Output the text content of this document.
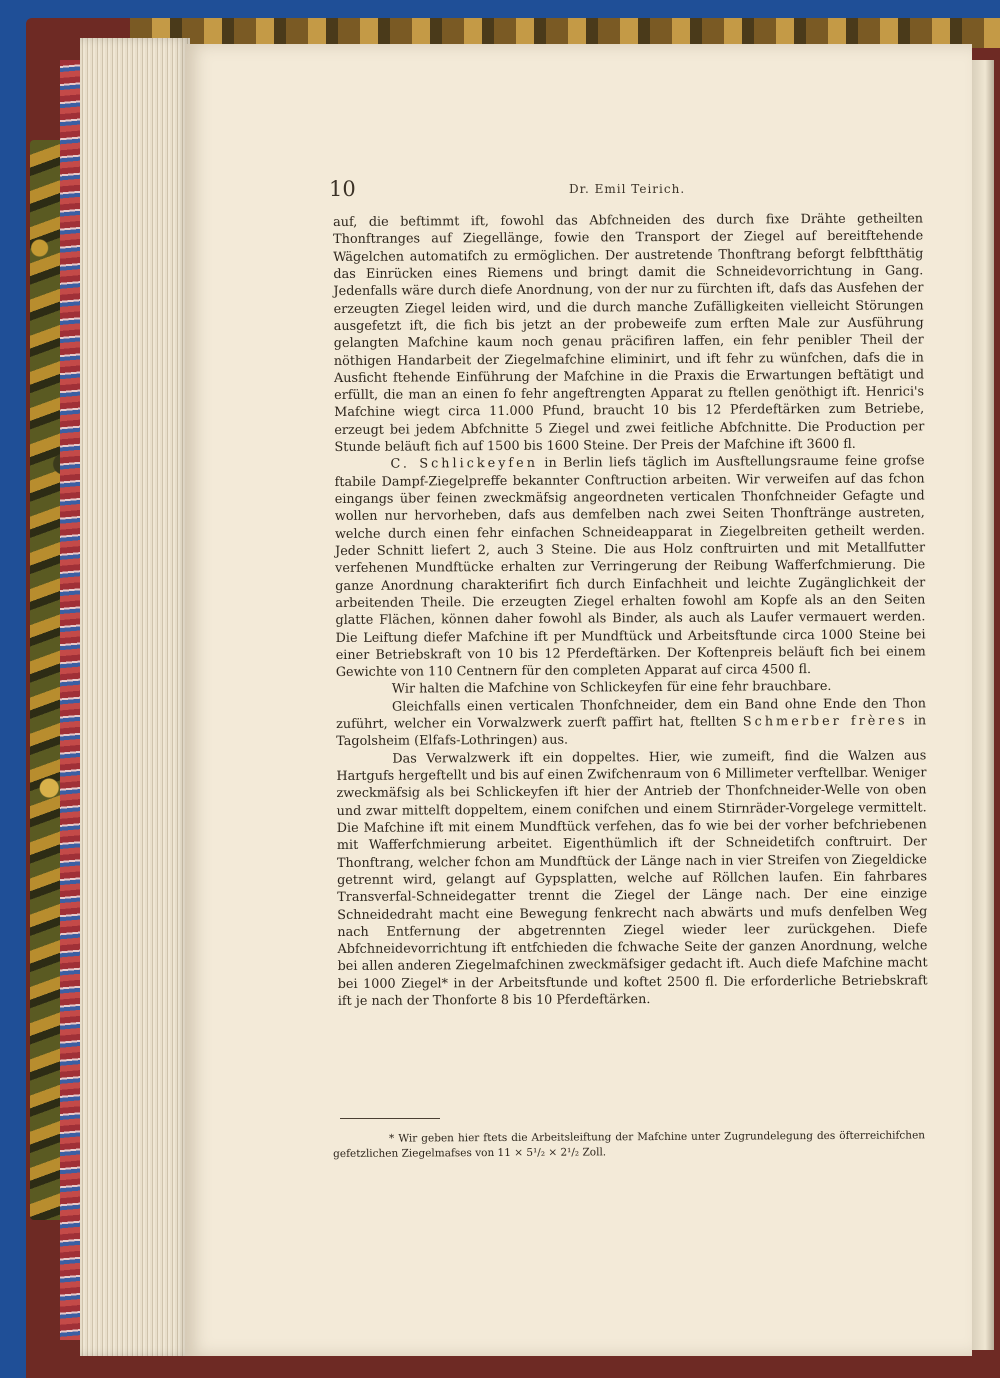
10	Dr. Emil Teirich.

auf, die beftimmt ift, fowohl das Abfchneiden des durch fixe Drähte getheilten Thonftranges auf Ziegellänge, fowie den Transport der Ziegel auf bereitftehende Wägelchen automatifch zu ermöglichen. Der austretende Thonftrang beforgt felbftthätig das Einrücken eines Riemens und bringt damit die Schneidevorrichtung in Gang. Jedenfalls wäre durch diefe Anordnung, von der nur zu fürchten ift, dafs das Ausfehen der erzeugten Ziegel leiden wird, und die durch manche Zufälligkeiten vielleicht Störungen ausgefetzt ift, die fich bis jetzt an der probeweife zum erften Male zur Ausführung gelangten Mafchine kaum noch genau präcifiren laffen, ein fehr penibler Theil der nöthigen Handarbeit der Ziegelmafchine eliminirt, und ift fehr zu wünfchen, dafs die in Ausficht ftehende Einführung der Mafchine in die Praxis die Erwartungen beftätigt und erfüllt, die man an einen fo fehr angeftrengten Apparat zu ftellen genöthigt ift. Henrici's Mafchine wiegt circa 11.000 Pfund, braucht 10 bis 12 Pferdeftärken zum Betriebe, erzeugt bei jedem Abfchnitte 5 Ziegel und zwei feitliche Abfchnitte. Die Production per Stunde beläuft fich auf 1500 bis 1600 Steine. Der Preis der Mafchine ift 3600 fl.

C. Schlickeyfen in Berlin liefs täglich im Ausftellungsraume feine grofse ftabile Dampf-Ziegelpreffe bekannter Conftruction arbeiten. Wir verweifen auf das fchon eingangs über feinen zweckmäfsig angeordneten verticalen Thonfchneider Gefagte und wollen nur hervorheben, dafs aus demfelben nach zwei Seiten Thonftränge austreten, welche durch einen fehr einfachen Schneideapparat in Ziegelbreiten getheilt werden. Jeder Schnitt liefert 2, auch 3 Steine. Die aus Holz conftruirten und mit Metallfutter verfehenen Mundftücke erhalten zur Verringerung der Reibung Wafferfchmierung. Die ganze Anordnung charakterifirt fich durch Einfachheit und leichte Zugänglichkeit der arbeitenden Theile. Die erzeugten Ziegel erhalten fowohl am Kopfe als an den Seiten glatte Flächen, können daher fowohl als Binder, als auch als Laufer vermauert werden. Die Leiftung diefer Mafchine ift per Mundftück und Arbeitsftunde circa 1000 Steine bei einer Betriebskraft von 10 bis 12 Pferdeftärken. Der Koftenpreis beläuft fich bei einem Gewichte von 110 Centnern für den completen Apparat auf circa 4500 fl.

Wir halten die Mafchine von Schlickeyfen für eine fehr brauchbare.

Gleichfalls einen verticalen Thonfchneider, dem ein Band ohne Ende den Thon zuführt, welcher ein Vorwalzwerk zuerft paffirt hat, ftellten Schmerber frères in Tagolsheim (Elfafs-Lothringen) aus.

Das Verwalzwerk ift ein doppeltes. Hier, wie zumeift, find die Walzen aus Hartgufs hergeftellt und bis auf einen Zwifchenraum von 6 Millimeter verftellbar. Weniger zweckmäfsig als bei Schlickeyfen ift hier der Antrieb der Thonfchneider-Welle von oben und zwar mittelft doppeltem, einem conifchen und einem Stirnräder-Vorgelege vermittelt. Die Mafchine ift mit einem Mundftück verfehen, das fo wie bei der vorher befchriebenen mit Wafferfchmierung arbeitet. Eigenthümlich ift der Schneidetifch conftruirt. Der Thonftrang, welcher fchon am Mundftück der Länge nach in vier Streifen von Ziegeldicke getrennt wird, gelangt auf Gypsplatten, welche auf Röllchen laufen. Ein fahrbares Transverfal-Schneidegatter trennt die Ziegel der Länge nach. Der eine einzige Schneidedraht macht eine Bewegung fenkrecht nach abwärts und mufs denfelben Weg nach Entfernung der abgetrennten Ziegel wieder leer zurückgehen. Diefe Abfchneidevorrichtung ift entfchieden die fchwache Seite der ganzen Anordnung, welche bei allen anderen Ziegelmafchinen zweckmäfsiger gedacht ift. Auch diefe Mafchine macht bei 1000 Ziegel* in der Arbeitsftunde und koftet 2500 fl. Die erforderliche Betriebskraft ift je nach der Thonforte 8 bis 10 Pferdeftärken.

* Wir geben hier ftets die Arbeitsleiftung der Mafchine unter Zugrundelegung des öfterreichifchen gefetzlichen Ziegelmafses von 11 × 5¹/₂ × 2¹/₂ Zoll.
